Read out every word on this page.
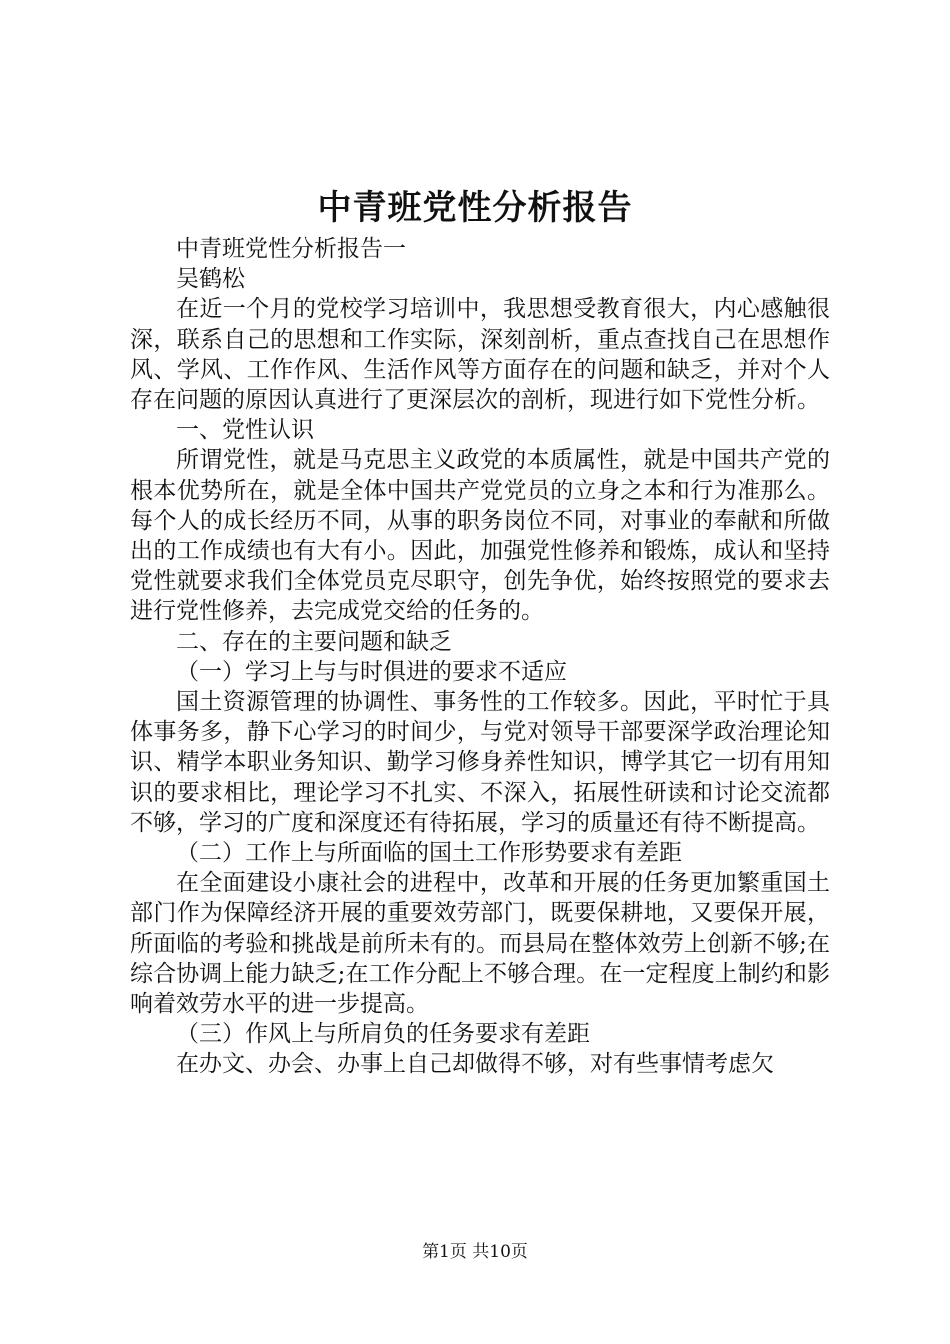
中青班党性分析报告

中青班党性分析报告一

吴鹤松

在近一个月的党校学习培训中，我思想受教育很大，内心感触很深，联系自己的思想和工作实际，深刻剖析，重点查找自己在思想作风、学风、工作作风、生活作风等方面存在的问题和缺乏，并对个人存在问题的原因认真进行了更深层次的剖析，现进行如下党性分析。

一、党性认识

所谓党性，就是马克思主义政党的本质属性，就是中国共产党的根本优势所在，就是全体中国共产党党员的立身之本和行为准那么。每个人的成长经历不同，从事的职务岗位不同，对事业的奉献和所做出的工作成绩也有大有小。因此，加强党性修养和锻炼，成认和坚持党性就要求我们全体党员克尽职守，创先争优，始终按照党的要求去进行党性修养，去完成党交给的任务的。

二、存在的主要问题和缺乏

（一）学习上与与时俱进的要求不适应

国土资源管理的协调性、事务性的工作较多。因此，平时忙于具体事务多，静下心学习的时间少，与党对领导干部要深学政治理论知识、精学本职业务知识、勤学习修身养性知识，博学其它一切有用知识的要求相比，理论学习不扎实、不深入，拓展性研读和讨论交流都不够，学习的广度和深度还有待拓展，学习的质量还有待不断提高。

（二）工作上与所面临的国土工作形势要求有差距

在全面建设小康社会的进程中，改革和开展的任务更加繁重国土部门作为保障经济开展的重要效劳部门，既要保耕地，又要保开展，所面临的考验和挑战是前所未有的。而县局在整体效劳上创新不够;在综合协调上能力缺乏;在工作分配上不够合理。在一定程度上制约和影响着效劳水平的进一步提高。

（三）作风上与所肩负的任务要求有差距

在办文、办会、办事上自己却做得不够，对有些事情考虑欠

第1页 共10页
